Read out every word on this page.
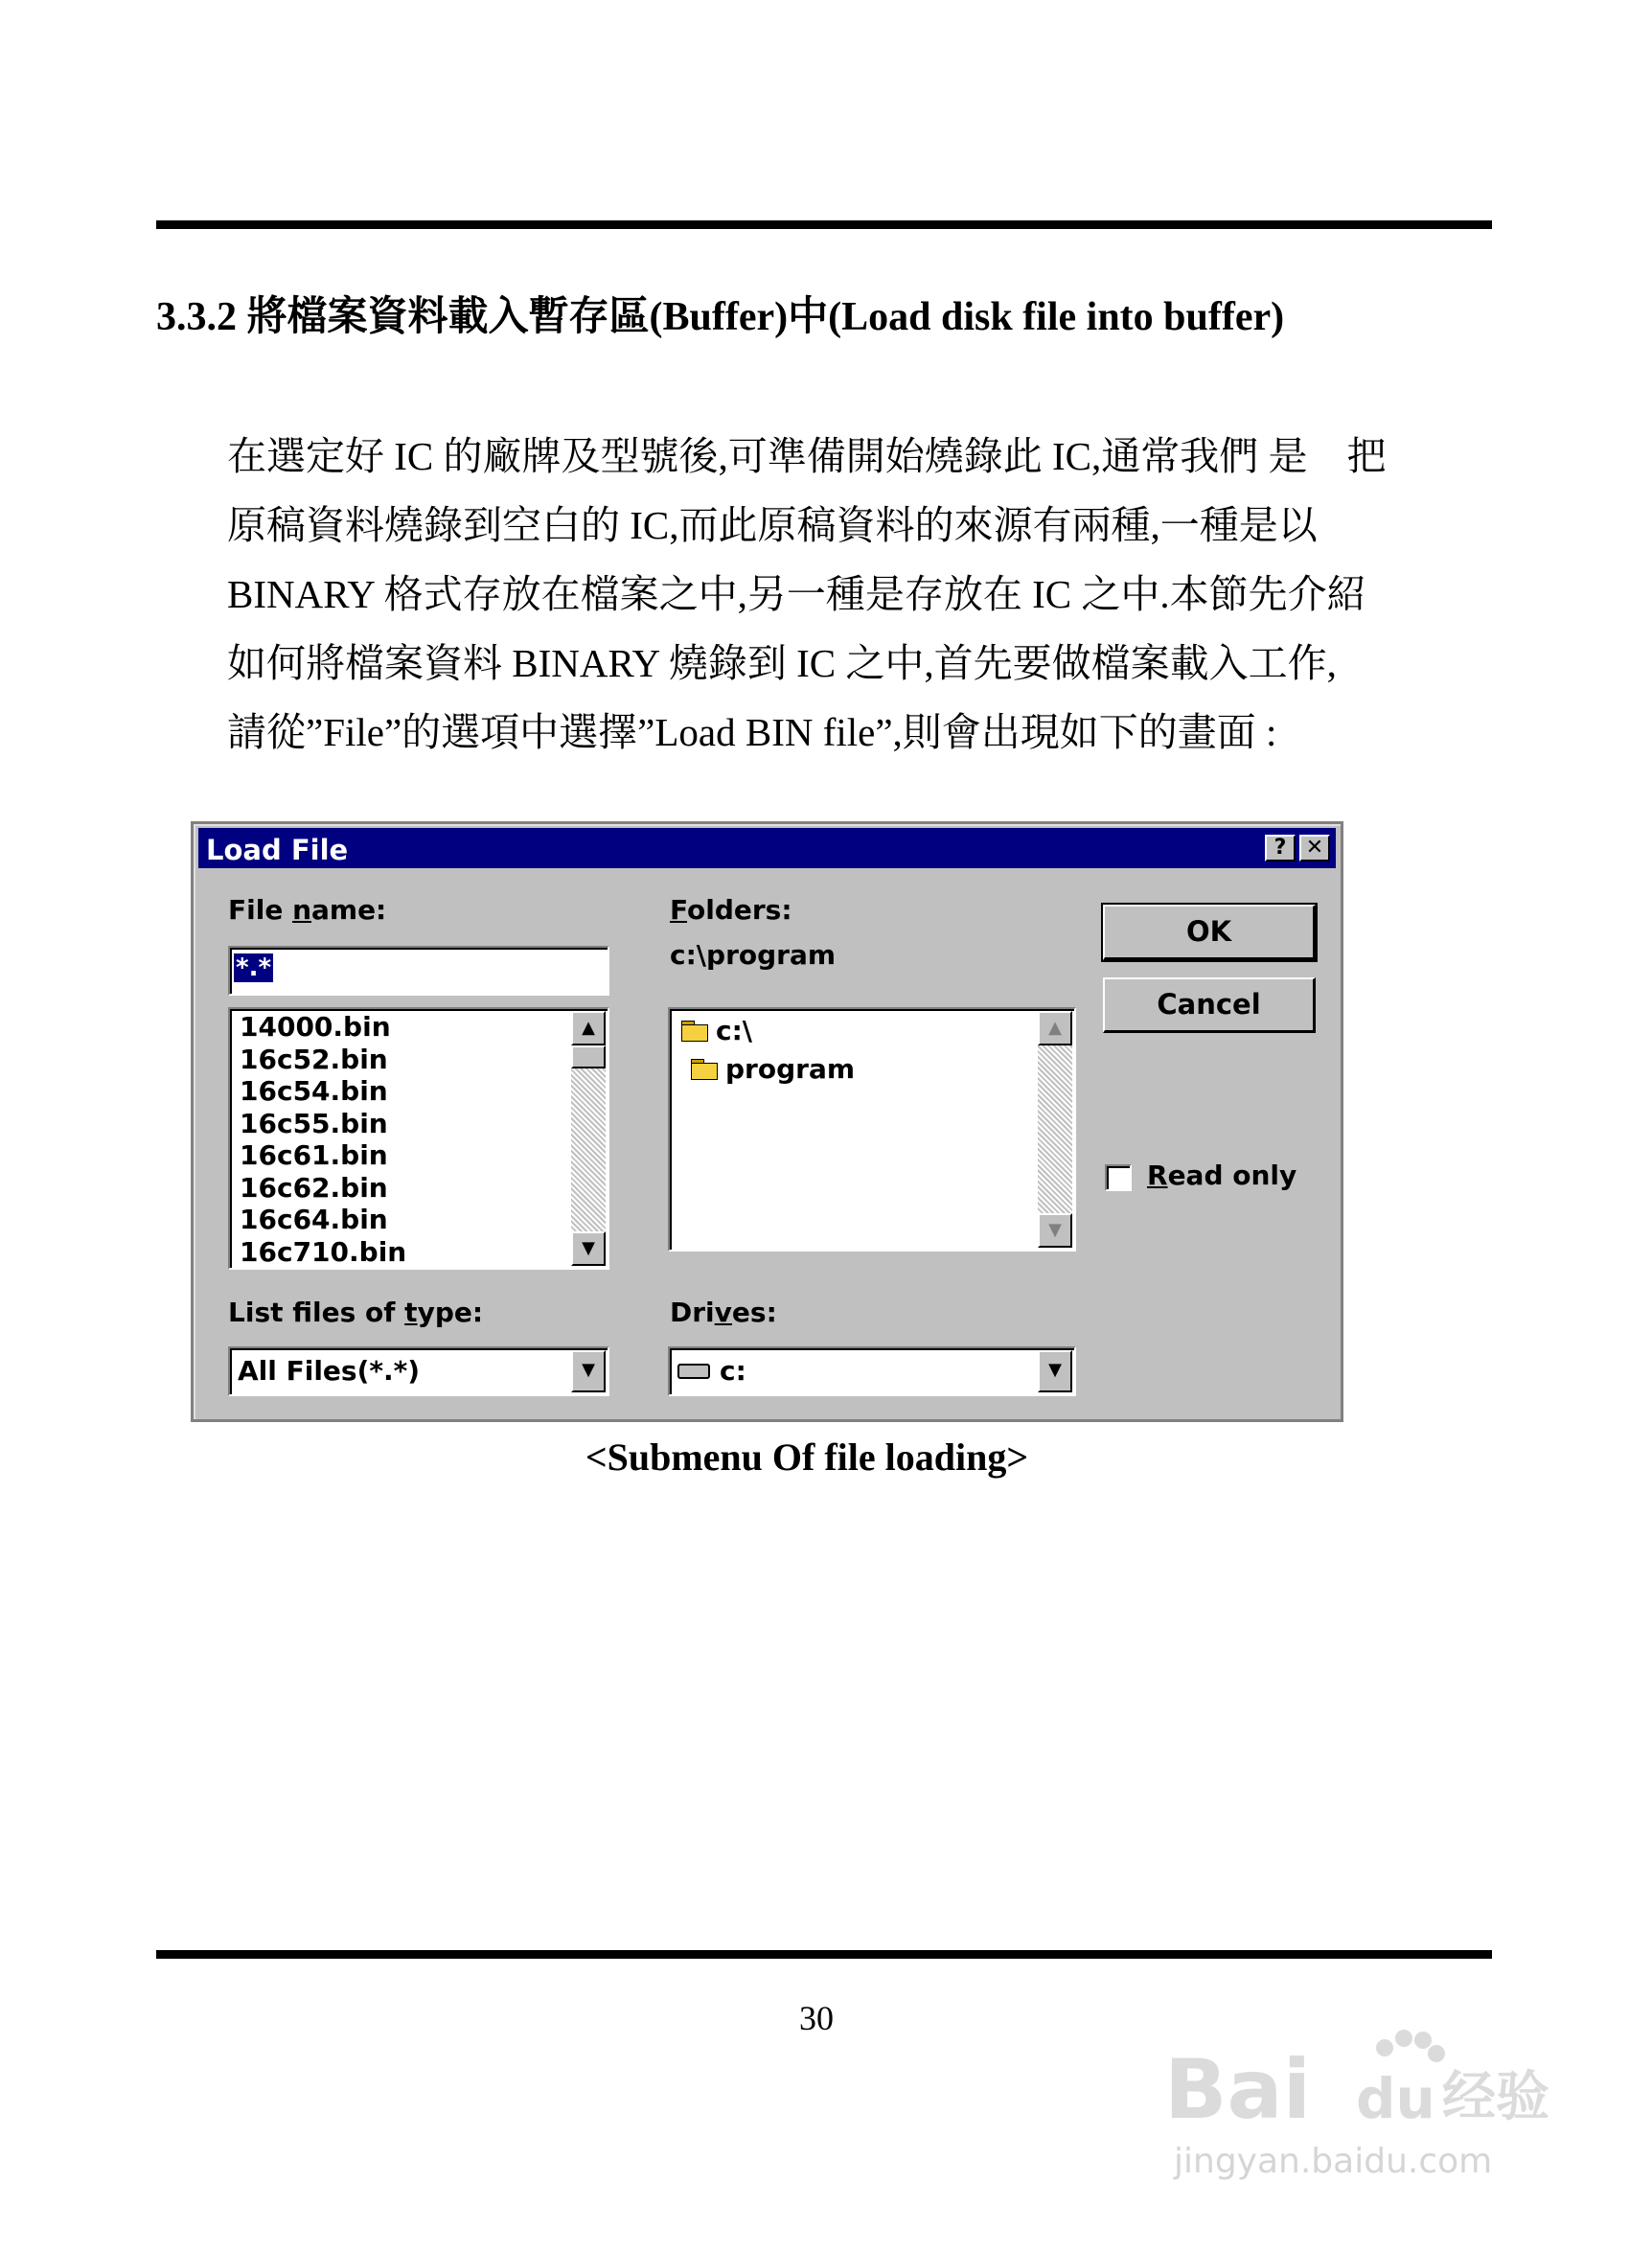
3.3.2 將檔案資料載入暫存區(Buffer)中(Load disk file into buffer)
在選定好 IC 的廠牌及型號後,可準備開始燒錄此 IC,通常我們 是　把
原稿資料燒錄到空白的 IC,而此原稿資料的來源有兩種,一種是以
BINARY 格式存放在檔案之中,另一種是存放在 IC 之中.本節先介紹
如何將檔案資料 BINARY 燒錄到 IC 之中,首先要做檔案載入工作,
請從”File”的選項中選擇”Load BIN file”,則會出現如下的畫面 :
Load File	? ✕
File name:
*.*
14000.bin
16c52.bin
16c54.bin
16c55.bin
16c61.bin
16c62.bin
16c64.bin
16c710.bin
▲
▼
Folders:
c:\program
c:\
program
▲
▼
OK
Cancel
Read only
List files of type:
All Files(*.*)	▼
Drives:
c:	▼
<Submenu Of file loading>
30
Bai du 经验
jingyan.baidu.com
